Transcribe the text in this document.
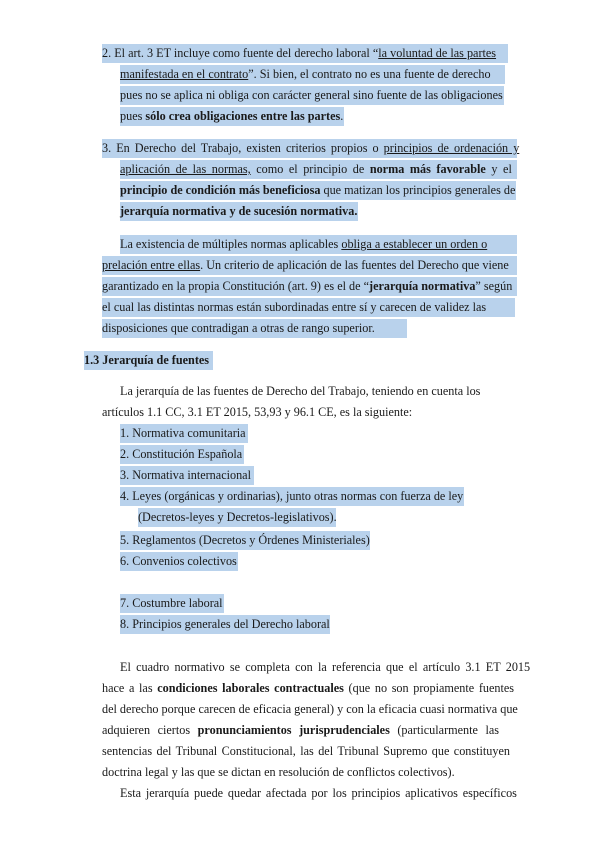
2. El art. 3 ET incluye como fuente del derecho laboral “la voluntad de las partes
manifestada en el contrato”. Si bien, el contrato no es una fuente de derecho
pues no se aplica ni obliga con carácter general sino fuente de las obligaciones
pues sólo crea obligaciones entre las partes.
3. En Derecho del Trabajo, existen criterios propios o principios de ordenación y
aplicación de las normas, como el principio de norma más favorable y el
principio de condición más beneficiosa que matizan los principios generales de
jerarquía normativa y de sucesión normativa.
La existencia de múltiples normas aplicables obliga a establecer un orden o
prelación entre ellas. Un criterio de aplicación de las fuentes del Derecho que viene
garantizado en la propia Constitución (art. 9) es el de “jerarquía normativa” según
el cual las distintas normas están subordinadas entre sí y carecen de validez las
disposiciones que contradigan a otras de rango superior.
1.3 Jerarquía de fuentes
La jerarquía de las fuentes de Derecho del Trabajo, teniendo en cuenta los
artículos 1.1 CC, 3.1 ET 2015, 53,93 y 96.1 CE, es la siguiente:
1. Normativa comunitaria
2. Constitución Española
3. Normativa internacional
4. Leyes (orgánicas y ordinarias), junto otras normas con fuerza de ley
(Decretos-leyes y Decretos-legislativos).
5. Reglamentos (Decretos y Órdenes Ministeriales)
6. Convenios colectivos
7. Costumbre laboral
8. Principios generales del Derecho laboral
El cuadro normativo se completa con la referencia que el artículo 3.1 ET 2015
hace a las condiciones laborales contractuales (que no son propiamente fuentes
del derecho porque carecen de eficacia general) y con la eficacia cuasi normativa que
adquieren ciertos pronunciamientos jurisprudenciales (particularmente las
sentencias del Tribunal Constitucional, las del Tribunal Supremo que constituyen
doctrina legal y las que se dictan en resolución de conflictos colectivos).
Esta jerarquía puede quedar afectada por los principios aplicativos específicos
